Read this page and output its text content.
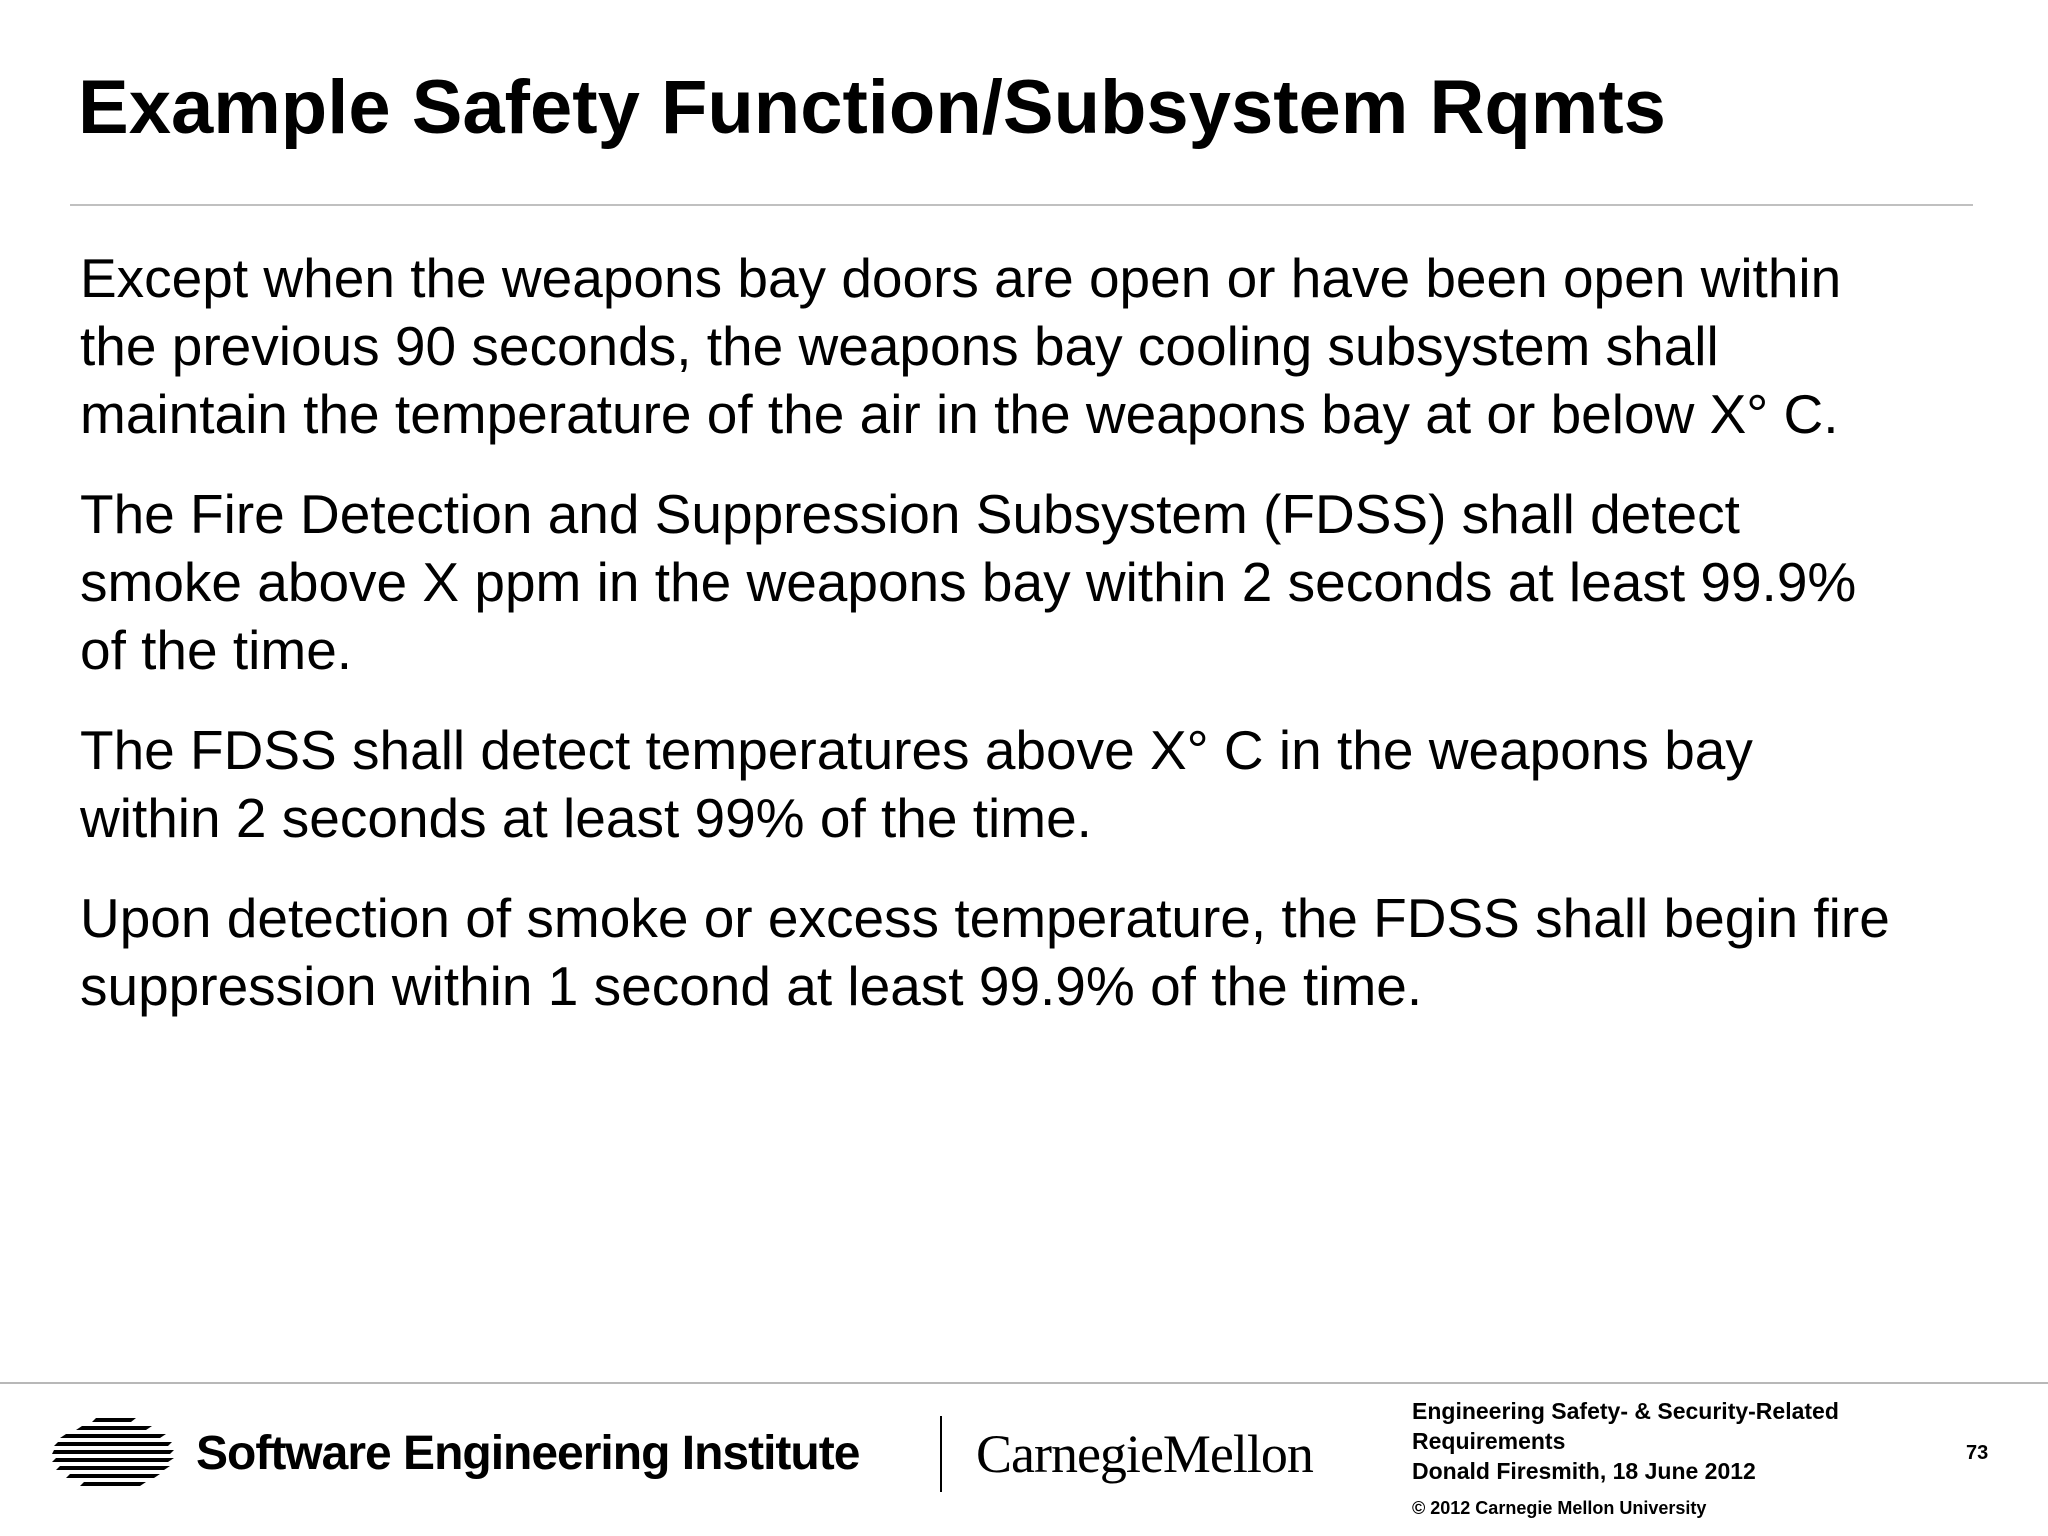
Example Safety Function/Subsystem Rqmts

Except when the weapons bay doors are open or have been open within
the previous 90 seconds, the weapons bay cooling subsystem shall
maintain the temperature of the air in the weapons bay at or below X° C.

The Fire Detection and Suppression Subsystem (FDSS) shall detect
smoke above X ppm in the weapons bay within 2 seconds at least 99.9%
of the time.

The FDSS shall detect temperatures above X° C in the weapons bay
within 2 seconds at least 99% of the time.

Upon detection of smoke or excess temperature, the FDSS shall begin fire
suppression within 1 second at least 99.9% of the time.

Software Engineering Institute CarnegieMellon
Engineering Safety- & Security-Related
Requirements
Donald Firesmith, 18 June 2012
© 2012 Carnegie Mellon University
73
